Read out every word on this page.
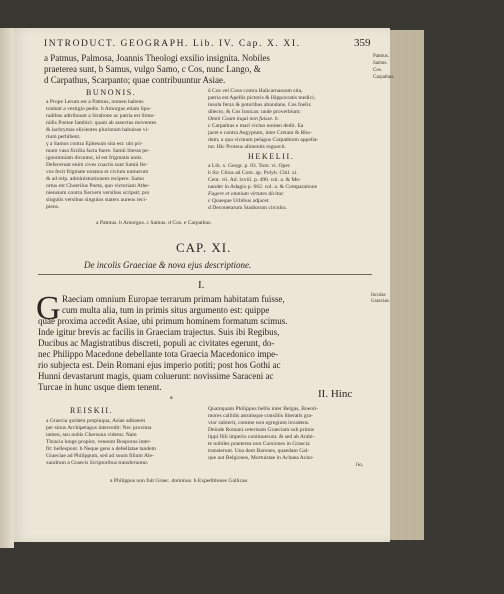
INTRODUCT. GEOGRAPH. Lib. IV. Cap. X. XI.	359
a Patmus, Palmosa, Joannis Theologi exsilio insignita. Nobiles
praeterea sunt, b Samus, vulgo Samo, c Cos, nunc Lango, &
d Carpathus, Scarpanto; quae contribuuntur Asiae.
Patmus.
Samus.
Cos.
Carpathus.
BUNONIS.
a Prope Lerum est a Patmus, nomen habens
tradunt a vestigio pedis. b Amorgus etiam Spo-
radibus adtribuunt a Strabone ac patria est Simo-
nidis Poetae Iambici: quam ab assectus moventes
& lachrymas elicientes plurimum habuisse vi-
rium perhibent.
γ a Samus contra Ephesum sita est: ubi pri-
mum vasa fictilia facta fuere. Samii literas pe-
ignominiam dicuntur, id est frigmatis notis.
Defecerunt enim cives coactis sunt Samii fer-
vos fecit frigmate notatos et civium numerum
& ad reip. administrationem recipere. Samo
ortus est Choerilus Poeta, quo victoriam Athe-
niensium contra Xerxem versibus scripsit; pro
singulis versibus singulos staters aureos reci-
piens.
δ Cos vel Cous contra Halicarnassum sita,
patria est Apellis pictoris & Hippocratis medici;
insula ferax & potoribus abundans. Cos foelix
dilecto, & Cos Ionicas: unde proverbium:
Omni Coum inqui non fuisse. b.
ε Carpathus e mari vicino nomen dedit. Ea
jacet e contra Aegyptum, inter Cretam & Rho-
dum; a qua vicinum pelagus Carpathium appella-
tur. Hic Proteus alimentis regnavit.
HEKELII.
a Lib. x. Geogr. p. 83. Tom. vi. Oper.
b Sic Chius ad Com. ap. Polyb. Chil. xi.
Cent. vii. Ad. lxviii. p. 490. col. a. & Me-
nander in Adagio p. 662. col. a. & Comparatione
Fugere et omnium virtutes dicitur.
c Quaeque Urbibus adjacet.
d Deconetarum Stadiorum circuitu.
a Patmus. b Amorgus. c Samus. d Cos. e Carpathus.
CAP. XI.
De incolis Graeciae & nova ejus descriptione.
I.
G Raeciam omnium Europae terrarum primam habitatam fuisse,	Incolae Graeciae.
cum multa alia, tum in primis situs argumento est: quippe
quae proxima accedit Asiae, ubi primum hominem formatum scimus.
Inde igitur brevis ac facilis in Graeciam trajectus. Suis ibi Regibus,
Ducibus ac Magistratibus discreti, populi ac civitates egerunt, do-
nec Philippo Macedone debellante tota Graecia Macedonico impe-
rio subjecta est. Dein Romani ejus imperio potiti; post hos Gothi ac
Hunni devastarunt magis, quam coluerunt: novissime Saraceni ac
Turcae in hunc usque diem tenent.
a	II. Hinc
REISKII.
a Graecia quidem propinqua, Asiae adhaeret
per sinus Archipelagus intercedit: Nec proxima
tamen, seu nobis Chersona videtur. Nam
Thracia longe propior, veneunt Bosporus inter-
fit: hellespont. b Neque gens a debellatae tandem
Graeciae ad Philippum, sed ad suum filium Ale-
xandrum a Graecis Scriptoribus transferuntur.
Quamquam Philippus bellis inter Belgas, Boeoti-
mores callidis astutisque consiliis liberatis gra-
vior subierit, comme non egregium invadens.
Deinde Romani ceterisam Graeciam sub primis
lippi filii imperio continuerunt. & sed ab Arabi-
te nobiles praeterea non Cursiones in Graecia
transierunt. Una dent Barones, quaedam Gal-
que aut Belgiones, Mortuistae in Achaea Acho-
lio,
a Philippus non fuit Graec. dominus. b Expeditiones Gallicae.
